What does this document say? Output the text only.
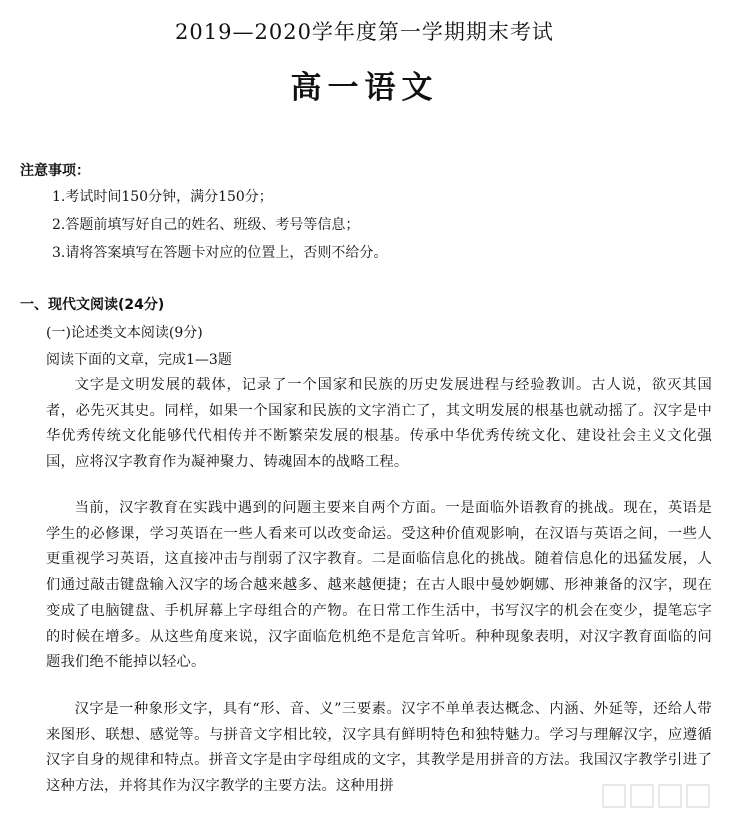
2019—2020学年度第一学期期末考试
高一语文
注意事项：
1.考试时间150分钟，满分150分；
2.答题前填写好自己的姓名、班级、考号等信息；
3.请将答案填写在答题卡对应的位置上，否则不给分。
一、现代文阅读(24分)
(一)论述类文本阅读(9分)
阅读下面的文章，完成1—3题

文字是文明发展的载体，记录了一个国家和民族的历史发展进程与经验教训。古人说，欲灭其国者，必先灭其史。同样，如果一个国家和民族的文字消亡了，其文明发展的根基也就动摇了。汉字是中华优秀传统文化能够代代相传并不断繁荣发展的根基。传承中华优秀传统文化、建设社会主义文化强国，应将汉字教育作为凝神聚力、铸魂固本的战略工程。

当前，汉字教育在实践中遇到的问题主要来自两个方面。一是面临外语教育的挑战。现在，英语是学生的必修课，学习英语在一些人看来可以改变命运。受这种价值观影响，在汉语与英语之间，一些人更重视学习英语，这直接冲击与削弱了汉字教育。二是面临信息化的挑战。随着信息化的迅猛发展，人们通过敲击键盘输入汉字的场合越来越多、越来越便捷；在古人眼中曼妙婀娜、形神兼备的汉字，现在变成了电脑键盘、手机屏幕上字母组合的产物。在日常工作生活中，书写汉字的机会在变少，提笔忘字的时候在增多。从这些角度来说，汉字面临危机绝不是危言耸听。种种现象表明，对汉字教育面临的问题我们绝不能掉以轻心。

汉字是一种象形文字，具有“形、音、义”三要素。汉字不单单表达概念、内涵、外延等，还给人带来图形、联想、感觉等。与拼音文字相比较，汉字具有鲜明特色和独特魅力。学习与理解汉字，应遵循汉字自身的规律和特点。拼音文字是由字母组成的文字，其教学是用拼音的方法。我国汉字教学引进了这种方法，并将其作为汉字教学的主要方法。这种用拼
